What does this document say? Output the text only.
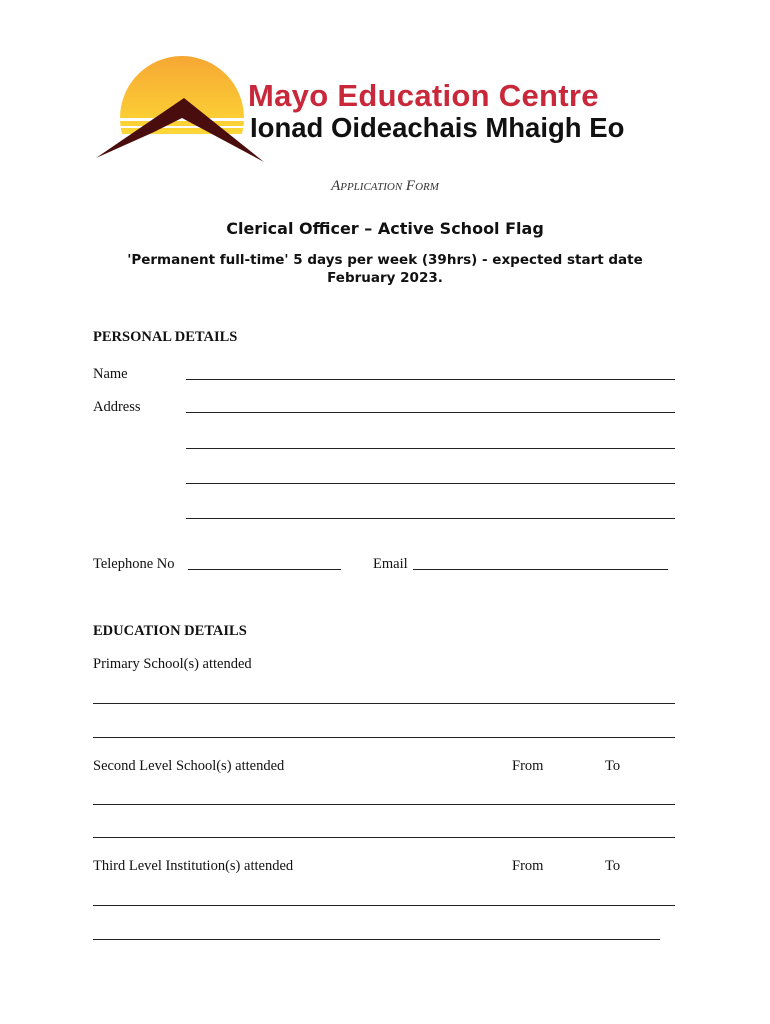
Mayo Education Centre
Ionad Oideachais Mhaigh Eo
Application Form
Clerical Officer – Active School Flag
'Permanent full-time' 5 days per week (39hrs) - expected start date
February 2023.
PERSONAL DETAILS
Name
Address
Telephone No	Email
EDUCATION DETAILS
Primary School(s) attended
Second Level School(s) attended	From	To
Third Level Institution(s) attended	From	To
